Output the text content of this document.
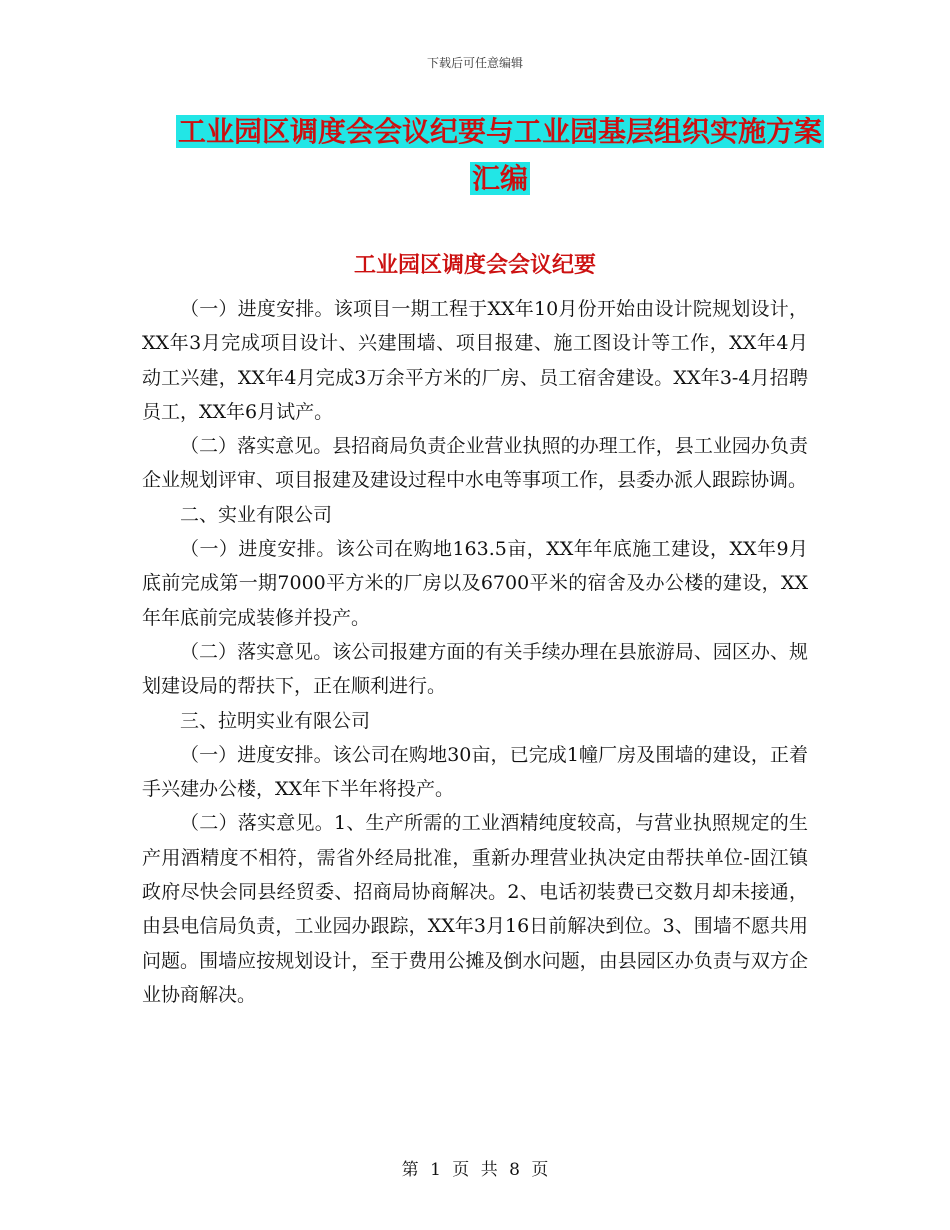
下载后可任意编辑
工业园区调度会会议纪要与工业园基层组织实施方案
汇编
工业园区调度会会议纪要

（一）进度安排。该项目一期工程于XX年10月份开始由设计院规划设计，XX年3月完成项目设计、兴建围墙、项目报建、施工图设计等工作，XX年4月动工兴建，XX年4月完成3万余平方米的厂房、员工宿舍建设。XX年3-4月招聘员工，XX年6月试产。

（二）落实意见。县招商局负责企业营业执照的办理工作，县工业园办负责企业规划评审、项目报建及建设过程中水电等事项工作，县委办派人跟踪协调。

二、实业有限公司

（一）进度安排。该公司在购地163.5亩，XX年年底施工建设，XX年9月底前完成第一期7000平方米的厂房以及6700平米的宿舍及办公楼的建设，XX年年底前完成装修并投产。

（二）落实意见。该公司报建方面的有关手续办理在县旅游局、园区办、规划建设局的帮扶下，正在顺利进行。

三、拉明实业有限公司

（一）进度安排。该公司在购地30亩，已完成1幢厂房及围墙的建设，正着手兴建办公楼，XX年下半年将投产。

（二）落实意见。1、生产所需的工业酒精纯度较高，与营业执照规定的生产用酒精度不相符，需省外经局批准，重新办理营业执决定由帮扶单位-固江镇政府尽快会同县经贸委、招商局协商解决。2、电话初装费已交数月却未接通，由县电信局负责，工业园办跟踪，XX年3月16日前解决到位。3、围墙不愿共用问题。围墙应按规划设计，至于费用公摊及倒水问题，由县园区办负责与双方企业协商解决。

第 1 页 共 8 页
